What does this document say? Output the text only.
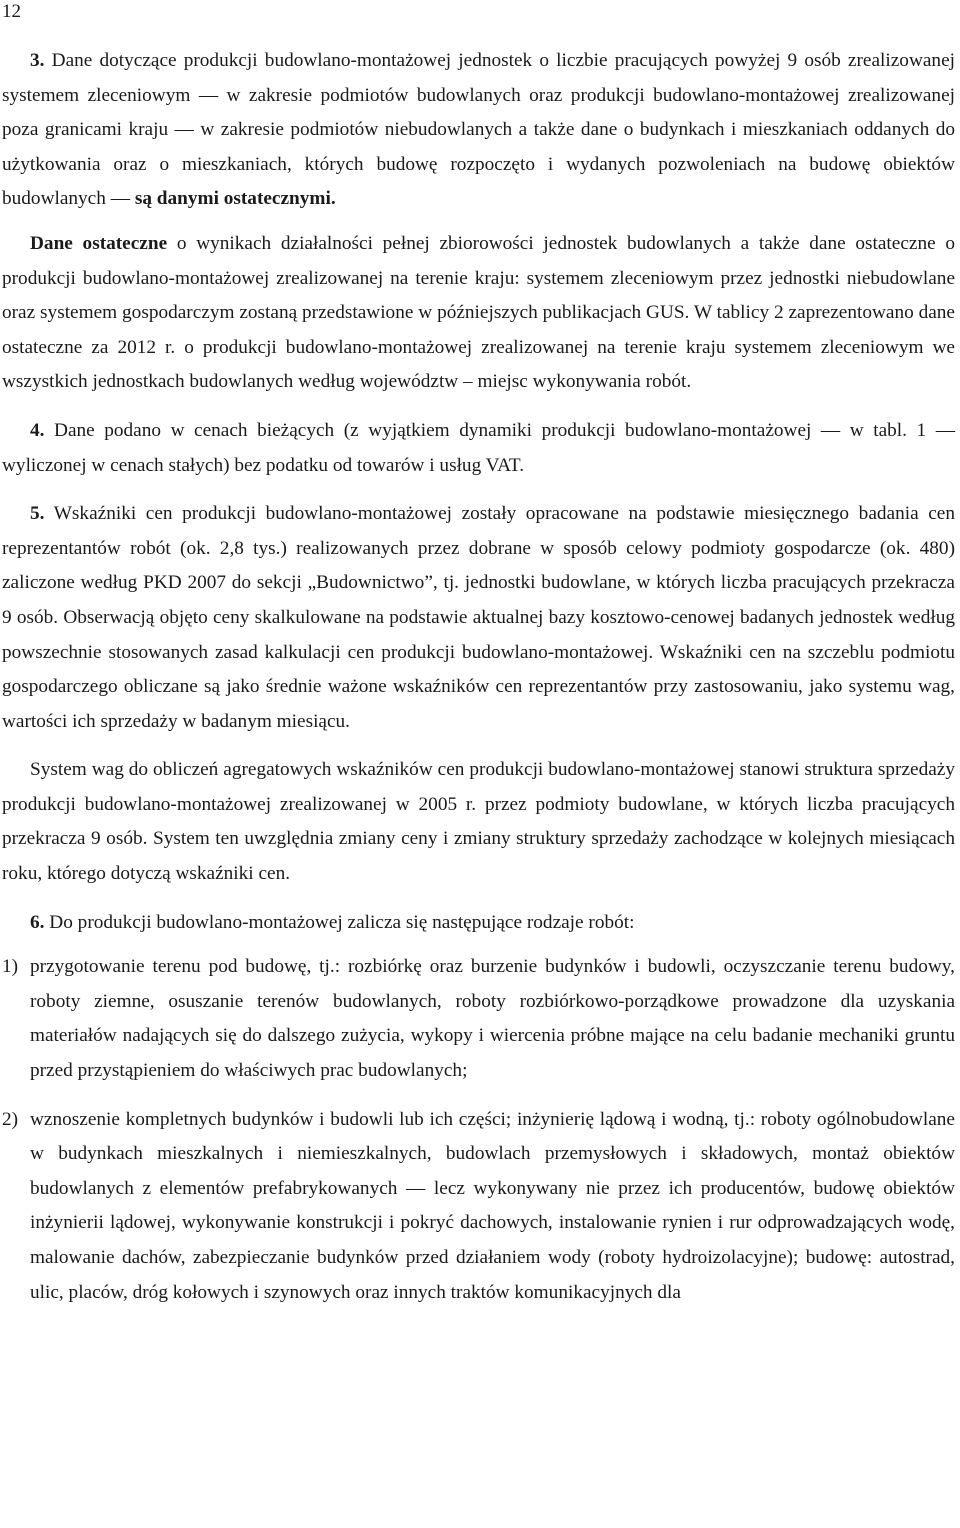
12

3. Dane dotyczące produkcji budowlano-montażowej jednostek o liczbie pracujących powyżej 9 osób zrealizowanej systemem zleceniowym — w zakresie podmiotów budowlanych oraz produkcji budowlano-montażowej zrealizowanej poza granicami kraju — w zakresie podmiotów niebudowlanych a także dane o budynkach i mieszkaniach oddanych do użytkowania oraz o mieszkaniach, których budowę rozpoczęto i wydanych pozwoleniach na budowę obiektów budowlanych — są danymi ostatecznymi.

Dane ostateczne o wynikach działalności pełnej zbiorowości jednostek budowlanych a także dane ostateczne o produkcji budowlano-montażowej zrealizowanej na terenie kraju: systemem zleceniowym przez jednostki niebudowlane oraz systemem gospodarczym zostaną przedstawione w późniejszych publikacjach GUS. W tablicy 2 zaprezentowano dane ostateczne za 2012 r. o produkcji budowlano-montażowej zrealizowanej na terenie kraju systemem zleceniowym we wszystkich jednostkach budowlanych według województw – miejsc wykonywania robót.

4. Dane podano w cenach bieżących (z wyjątkiem dynamiki produkcji budowlano-montażowej — w tabl. 1 — wyliczonej w cenach stałych) bez podatku od towarów i usług VAT.

5. Wskaźniki cen produkcji budowlano-montażowej zostały opracowane na podstawie miesięcznego badania cen reprezentantów robót (ok. 2,8 tys.) realizowanych przez dobrane w sposób celowy podmioty gospodarcze (ok. 480) zaliczone według PKD 2007 do sekcji „Budownictwo”, tj. jednostki budowlane, w których liczba pracujących przekracza 9 osób. Obserwacją objęto ceny skalkulowane na podstawie aktualnej bazy kosztowo-cenowej badanych jednostek według powszechnie stosowanych zasad kalkulacji cen produkcji budowlano-montażowej. Wskaźniki cen na szczeblu podmiotu gospodarczego obliczane są jako średnie ważone wskaźników cen reprezentantów przy zastosowaniu, jako systemu wag, wartości ich sprzedaży w badanym miesiącu.

System wag do obliczeń agregatowych wskaźników cen produkcji budowlano-montażowej stanowi struktura sprzedaży produkcji budowlano-montażowej zrealizowanej w 2005 r. przez podmioty budowlane, w których liczba pracujących przekracza 9 osób. System ten uwzględnia zmiany ceny i zmiany struktury sprzedaży zachodzące w kolejnych miesiącach roku, którego dotyczą wskaźniki cen.

6. Do produkcji budowlano-montażowej zalicza się następujące rodzaje robót:

1) przygotowanie terenu pod budowę, tj.: rozbiórkę oraz burzenie budynków i budowli, oczyszczanie terenu budowy, roboty ziemne, osuszanie terenów budowlanych, roboty rozbiórkowo-porządkowe prowadzone dla uzyskania materiałów nadających się do dalszego zużycia, wykopy i wiercenia próbne mające na celu badanie mechaniki gruntu przed przystąpieniem do właściwych prac budowlanych;
2) wznoszenie kompletnych budynków i budowli lub ich części; inżynierię lądową i wodną, tj.: roboty ogólnobudowlane w budynkach mieszkalnych i niemieszkalnych, budowlach przemysłowych i składowych, montaż obiektów budowlanych z elementów prefabrykowanych — lecz wykonywany nie przez ich producentów, budowę obiektów inżynierii lądowej, wykonywanie konstrukcji i pokryć dachowych, instalowanie rynien i rur odprowadzających wodę, malowanie dachów, zabezpieczanie budynków przed działaniem wody (roboty hydroizolacyjne); budowę: autostrad, ulic, placów, dróg kołowych i szynowych oraz innych traktów komunikacyjnych dla
